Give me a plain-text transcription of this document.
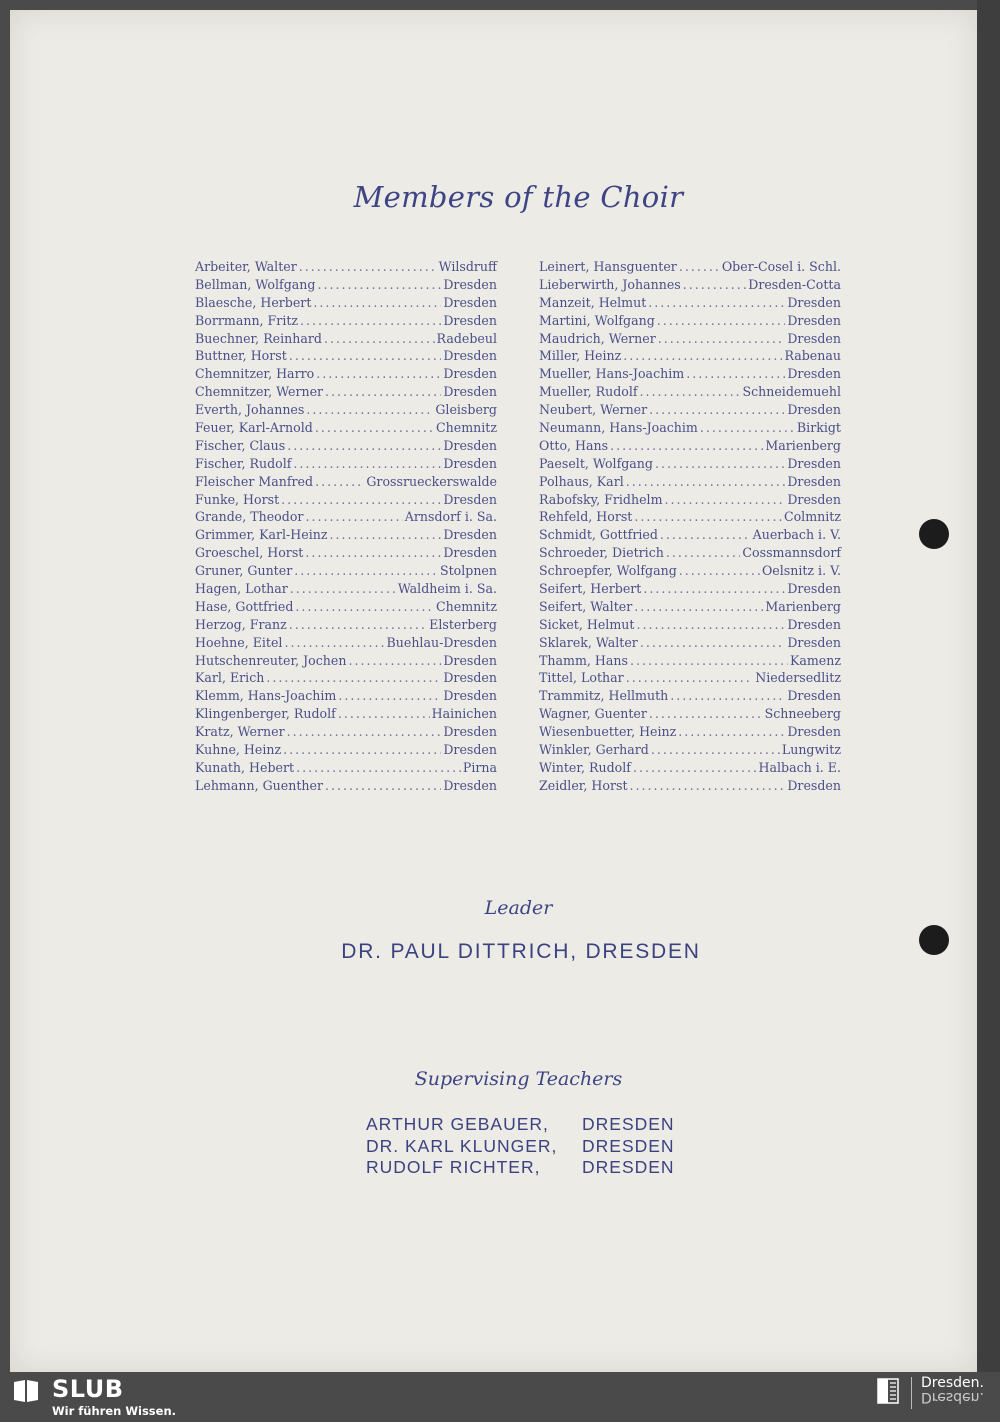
Members of the Choir
Arbeiter, Walter .....	Wilsdruff
Bellman, Wolfgang .....	Dresden
Blaesche, Herbert .....	Dresden
Borrmann, Fritz .....	Dresden
Buechner, Reinhard .....	Radebeul
Buttner, Horst .....	Dresden
Chemnitzer, Harro .....	Dresden
Chemnitzer, Werner .....	Dresden
Everth, Johannes .....	Gleisberg
Feuer, Karl-Arnold .....	Chemnitz
Fischer, Claus .....	Dresden
Fischer, Rudolf .....	Dresden
Fleischer Manfred .....	Grossrueckerswalde
Funke, Horst .....	Dresden
Grande, Theodor .....	Arnsdorf i. Sa.
Grimmer, Karl-Heinz .....	Dresden
Groeschel, Horst .....	Dresden
Gruner, Gunter .....	Stolpnen
Hagen, Lothar .....	Waldheim i. Sa.
Hase, Gottfried .....	Chemnitz
Herzog, Franz .....	Elsterberg
Hoehne, Eitel .....	Buehlau-Dresden
Hutschenreuter, Jochen .....	Dresden
Karl, Erich .....	Dresden
Klemm, Hans-Joachim .....	Dresden
Klingenberger, Rudolf .....	Hainichen
Kratz, Werner .....	Dresden
Kuhne, Heinz .....	Dresden
Kunath, Hebert .....	Pirna
Lehmann, Guenther .....	Dresden
Leinert, Hansguenter .....	Ober-Cosel i. Schl.
Lieberwirth, Johannes .....	Dresden-Cotta
Manzeit, Helmut .....	Dresden
Martini, Wolfgang .....	Dresden
Maudrich, Werner .....	Dresden
Miller, Heinz .....	Rabenau
Mueller, Hans-Joachim .....	Dresden
Mueller, Rudolf .....	Schneidemuehl
Neubert, Werner .....	Dresden
Neumann, Hans-Joachim .....	Birkigt
Otto, Hans .....	Marienberg
Paeselt, Wolfgang .....	Dresden
Polhaus, Karl .....	Dresden
Rabofsky, Fridhelm .....	Dresden
Rehfeld, Horst .....	Colmnitz
Schmidt, Gottfried .....	Auerbach i. V.
Schroeder, Dietrich .....	Cossmannsdorf
Schroepfer, Wolfgang .....	Oelsnitz i. V.
Seifert, Herbert .....	Dresden
Seifert, Walter .....	Marienberg
Sicket, Helmut .....	Dresden
Sklarek, Walter .....	Dresden
Thamm, Hans .....	Kamenz
Tittel, Lothar .....	Niedersedlitz
Trammitz, Hellmuth .....	Dresden
Wagner, Guenter .....	Schneeberg
Wiesenbuetter, Heinz .....	Dresden
Winkler, Gerhard .....	Lungwitz
Winter, Rudolf .....	Halbach i. E.
Zeidler, Horst .....	Dresden
Leader
DR. PAUL DITTRICH, DRESDEN
Supervising Teachers
ARTHUR GEBAUER,	DRESDEN
DR. KARL KLUNGER,	DRESDEN
RUDOLF RICHTER,	DRESDEN
SLUB
Wir führen Wissen.
Dresden.
Dresden.
